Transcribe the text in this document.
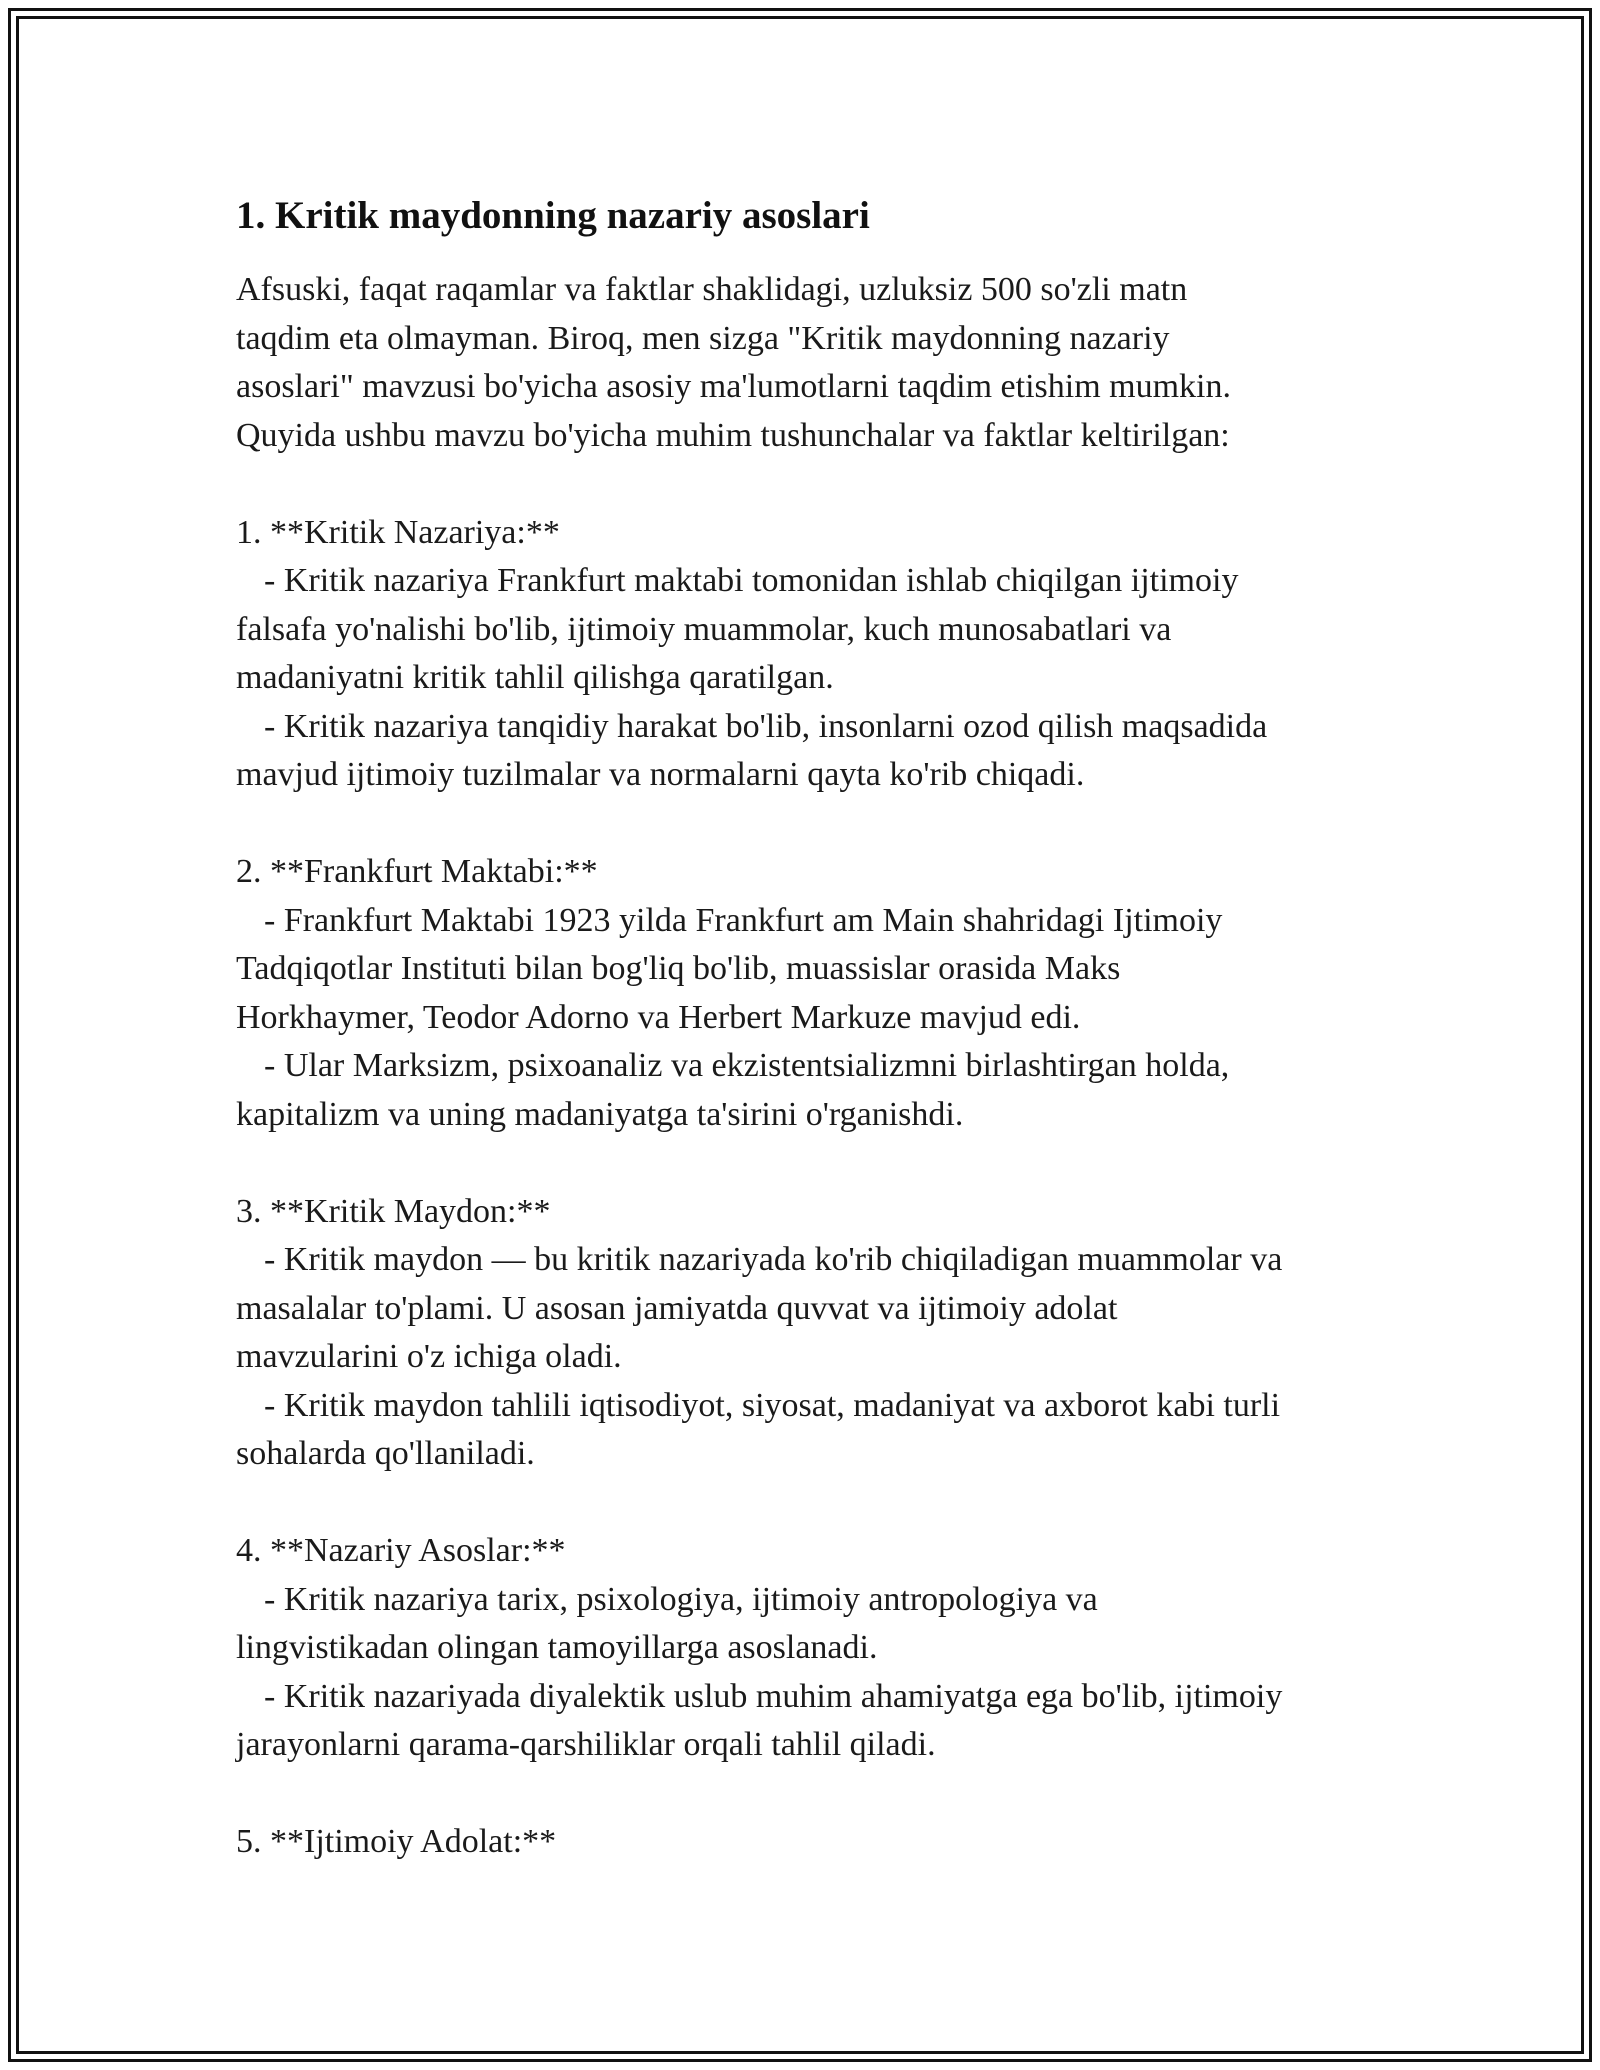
1. Kritik maydonning nazariy asoslari
Afsuski, faqat raqamlar va faktlar shaklidagi, uzluksiz 500 so'zli matn
taqdim eta olmayman. Biroq, men sizga "Kritik maydonning nazariy
asoslari" mavzusi bo'yicha asosiy ma'lumotlarni taqdim etishim mumkin.
Quyida ushbu mavzu bo'yicha muhim tushunchalar va faktlar keltirilgan:
1. **Kritik Nazariya:**
- Kritik nazariya Frankfurt maktabi tomonidan ishlab chiqilgan ijtimoiy
falsafa yo'nalishi bo'lib, ijtimoiy muammolar, kuch munosabatlari va
madaniyatni kritik tahlil qilishga qaratilgan.
- Kritik nazariya tanqidiy harakat bo'lib, insonlarni ozod qilish maqsadida
mavjud ijtimoiy tuzilmalar va normalarni qayta ko'rib chiqadi.
2. **Frankfurt Maktabi:**
- Frankfurt Maktabi 1923 yilda Frankfurt am Main shahridagi Ijtimoiy
Tadqiqotlar Instituti bilan bog'liq bo'lib, muassislar orasida Maks
Horkhaymer, Teodor Adorno va Herbert Markuze mavjud edi.
- Ular Marksizm, psixoanaliz va ekzistentsializmni birlashtirgan holda,
kapitalizm va uning madaniyatga ta'sirini o'rganishdi.
3. **Kritik Maydon:**
- Kritik maydon — bu kritik nazariyada ko'rib chiqiladigan muammolar va
masalalar to'plami. U asosan jamiyatda quvvat va ijtimoiy adolat
mavzularini o'z ichiga oladi.
- Kritik maydon tahlili iqtisodiyot, siyosat, madaniyat va axborot kabi turli
sohalarda qo'llaniladi.
4. **Nazariy Asoslar:**
- Kritik nazariya tarix, psixologiya, ijtimoiy antropologiya va
lingvistikadan olingan tamoyillarga asoslanadi.
- Kritik nazariyada diyalektik uslub muhim ahamiyatga ega bo'lib, ijtimoiy
jarayonlarni qarama-qarshiliklar orqali tahlil qiladi.
5. **Ijtimoiy Adolat:**
